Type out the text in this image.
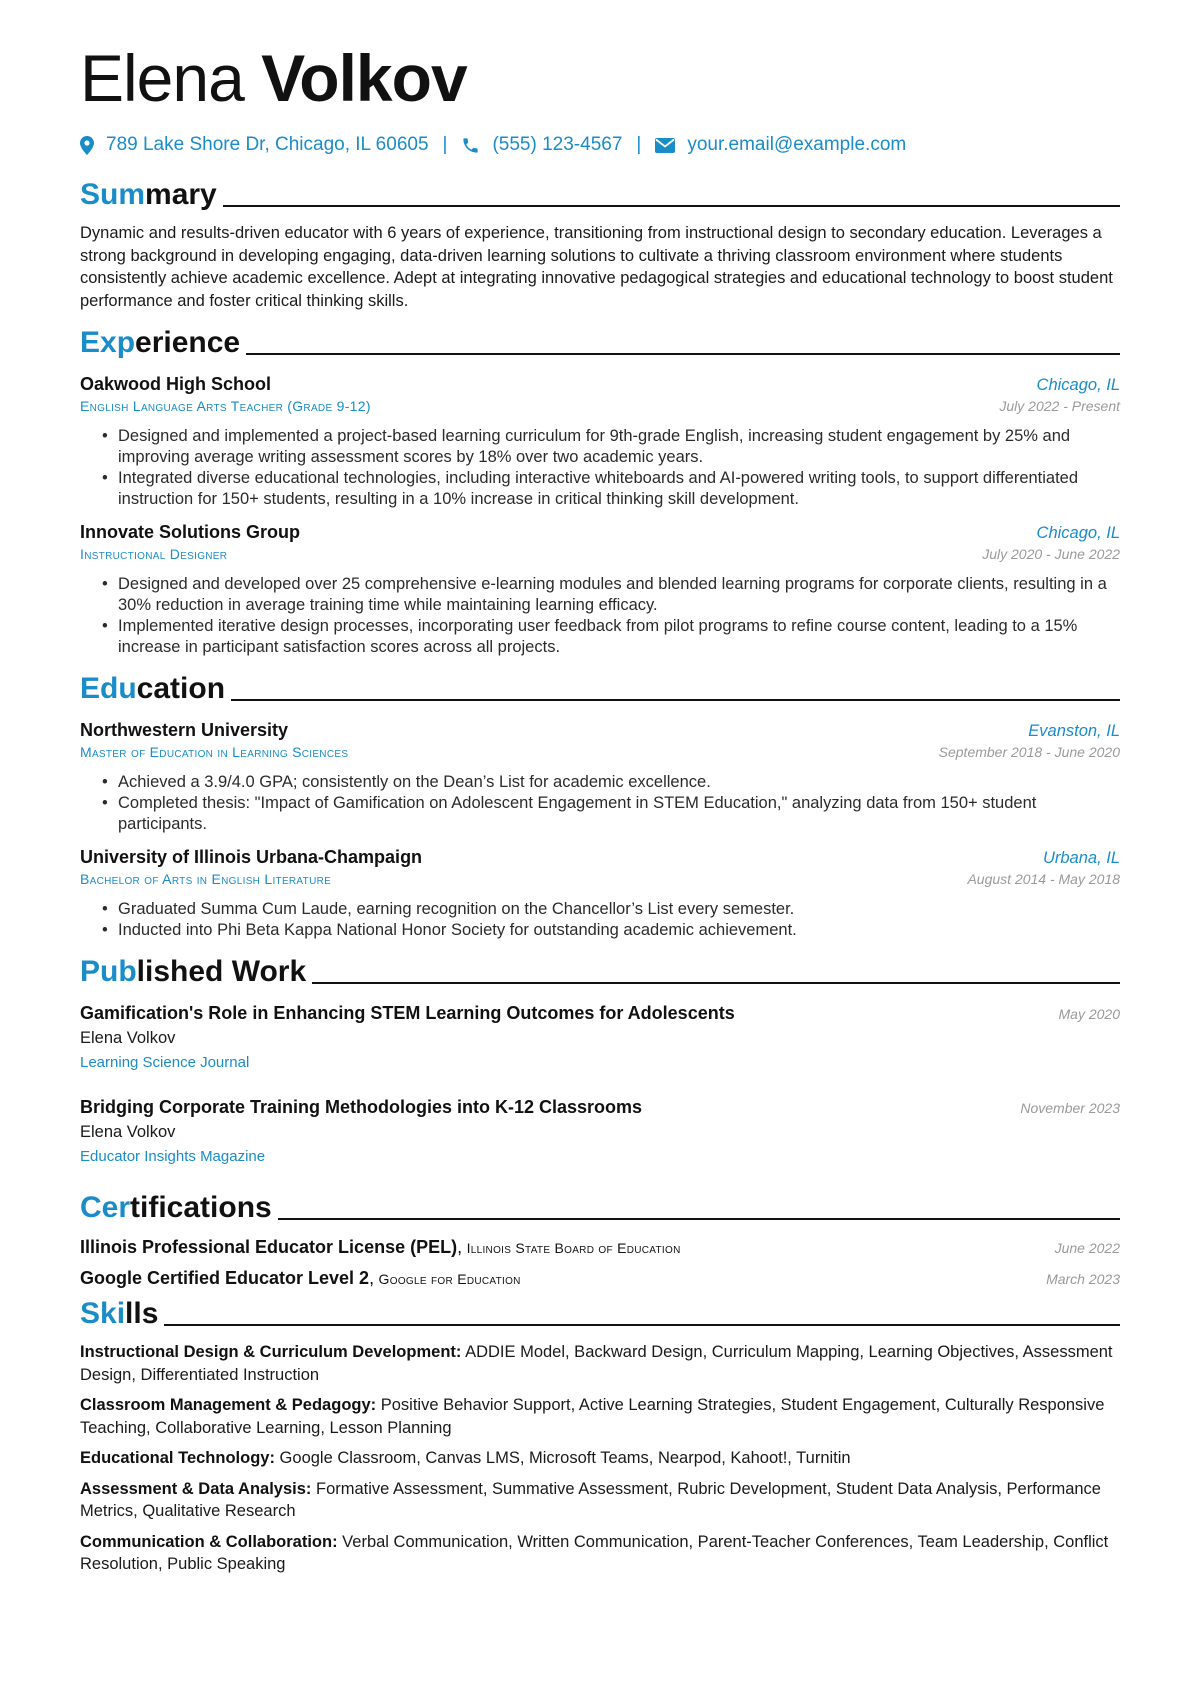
Elena Volkov
789 Lake Shore Dr, Chicago, IL 60605 | (555) 123-4567 | your.email@example.com
Summary
Dynamic and results-driven educator with 6 years of experience, transitioning from instructional design to secondary education. Leverages a strong background in developing engaging, data-driven learning solutions to cultivate a thriving classroom environment where students consistently achieve academic excellence. Adept at integrating innovative pedagogical strategies and educational technology to boost student performance and foster critical thinking skills.
Experience
Oakwood High School	Chicago, IL
English Language Arts Teacher (Grade 9-12)	July 2022 - Present
• Designed and implemented a project-based learning curriculum for 9th-grade English, increasing student engagement by 25% and improving average writing assessment scores by 18% over two academic years.
• Integrated diverse educational technologies, including interactive whiteboards and AI-powered writing tools, to support differentiated instruction for 150+ students, resulting in a 10% increase in critical thinking skill development.
Innovate Solutions Group	Chicago, IL
Instructional Designer	July 2020 - June 2022
• Designed and developed over 25 comprehensive e-learning modules and blended learning programs for corporate clients, resulting in a 30% reduction in average training time while maintaining learning efficacy.
• Implemented iterative design processes, incorporating user feedback from pilot programs to refine course content, leading to a 15% increase in participant satisfaction scores across all projects.
Education
Northwestern University	Evanston, IL
Master of Education in Learning Sciences	September 2018 - June 2020
• Achieved a 3.9/4.0 GPA; consistently on the Dean’s List for academic excellence.
• Completed thesis: "Impact of Gamification on Adolescent Engagement in STEM Education," analyzing data from 150+ student participants.
University of Illinois Urbana-Champaign	Urbana, IL
Bachelor of Arts in English Literature	August 2014 - May 2018
• Graduated Summa Cum Laude, earning recognition on the Chancellor’s List every semester.
• Inducted into Phi Beta Kappa National Honor Society for outstanding academic achievement.
Published Work
Gamification's Role in Enhancing STEM Learning Outcomes for Adolescents	May 2020
Elena Volkov
Learning Science Journal
Bridging Corporate Training Methodologies into K-12 Classrooms	November 2023
Elena Volkov
Educator Insights Magazine
Certifications
Illinois Professional Educator License (PEL), Illinois State Board of Education	June 2022
Google Certified Educator Level 2, Google for Education	March 2023
Skills
Instructional Design & Curriculum Development: ADDIE Model, Backward Design, Curriculum Mapping, Learning Objectives, Assessment Design, Differentiated Instruction
Classroom Management & Pedagogy: Positive Behavior Support, Active Learning Strategies, Student Engagement, Culturally Responsive Teaching, Collaborative Learning, Lesson Planning
Educational Technology: Google Classroom, Canvas LMS, Microsoft Teams, Nearpod, Kahoot!, Turnitin
Assessment & Data Analysis: Formative Assessment, Summative Assessment, Rubric Development, Student Data Analysis, Performance Metrics, Qualitative Research
Communication & Collaboration: Verbal Communication, Written Communication, Parent-Teacher Conferences, Team Leadership, Conflict Resolution, Public Speaking
